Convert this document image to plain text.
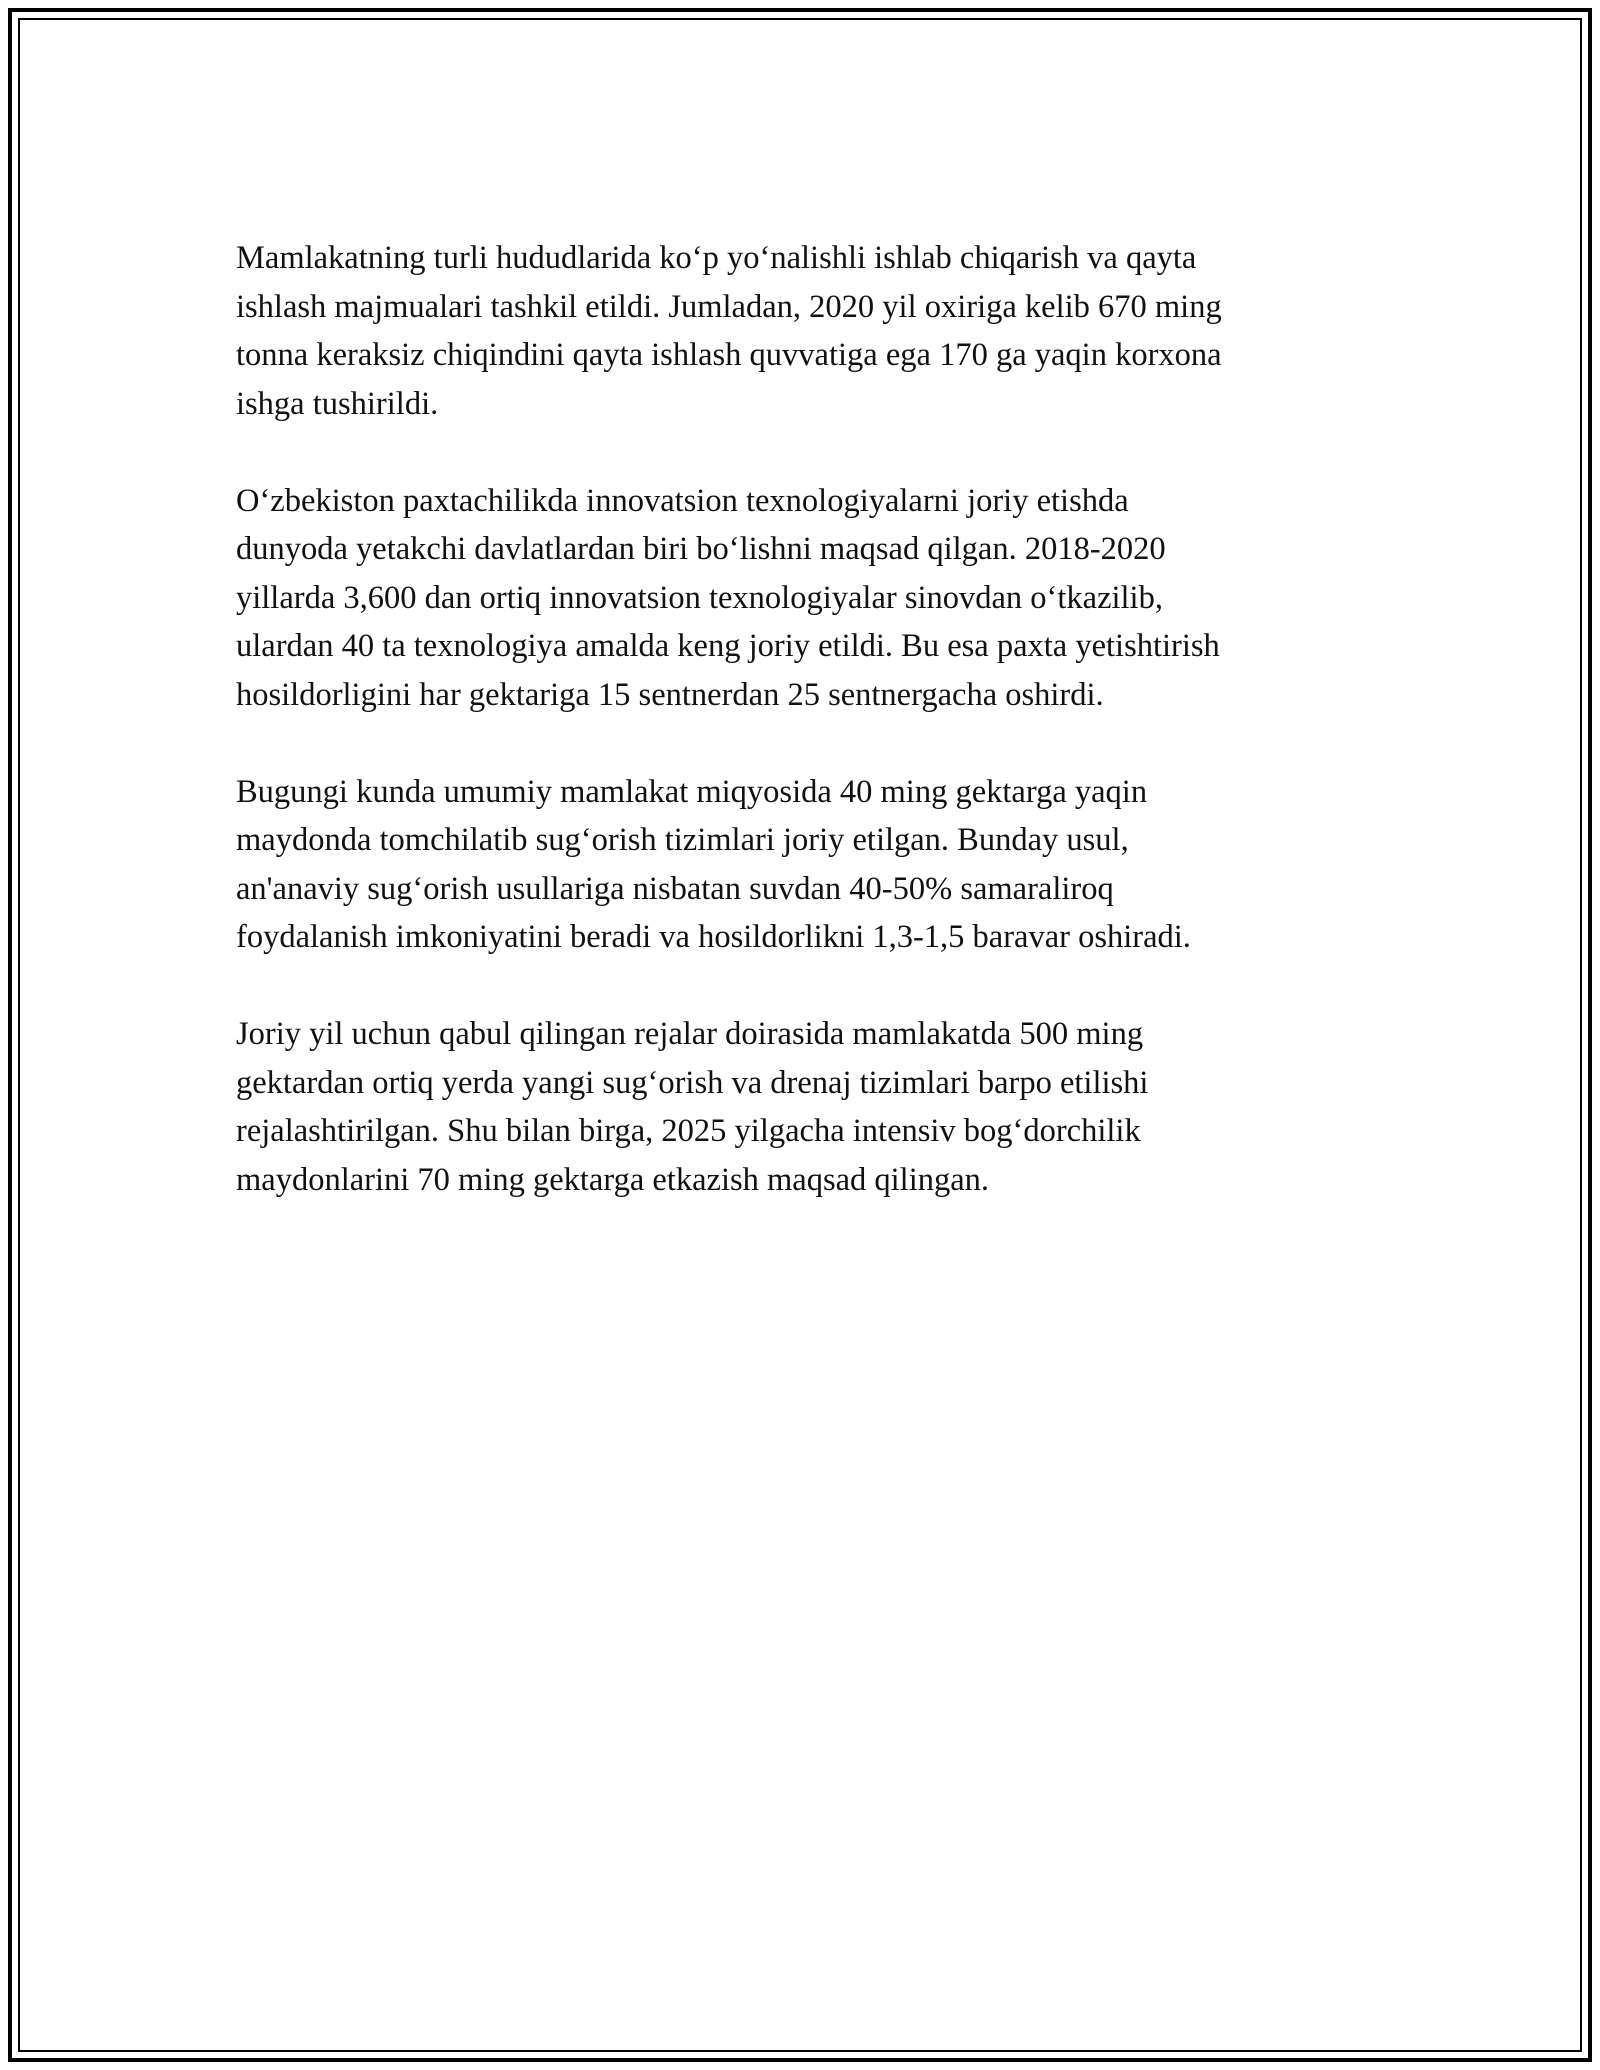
Mamlakatning turli hududlarida koʻp yoʻnalishli ishlab chiqarish va qayta
ishlash majmualari tashkil etildi. Jumladan, 2020 yil oxiriga kelib 670 ming
tonna keraksiz chiqindini qayta ishlash quvvatiga ega 170 ga yaqin korxona
ishga tushirildi.

Oʻzbekiston paxtachilikda innovatsion texnologiyalarni joriy etishda
dunyoda yetakchi davlatlardan biri boʻlishni maqsad qilgan. 2018-2020
yillarda 3,600 dan ortiq innovatsion texnologiyalar sinovdan oʻtkazilib,
ulardan 40 ta texnologiya amalda keng joriy etildi. Bu esa paxta yetishtirish
hosildorligini har gektariga 15 sentnerdan 25 sentnergacha oshirdi.

Bugungi kunda umumiy mamlakat miqyosida 40 ming gektarga yaqin
maydonda tomchilatib sugʻorish tizimlari joriy etilgan. Bunday usul,
an'anaviy sugʻorish usullariga nisbatan suvdan 40-50% samaraliroq
foydalanish imkoniyatini beradi va hosildorlikni 1,3-1,5 baravar oshiradi.

Joriy yil uchun qabul qilingan rejalar doirasida mamlakatda 500 ming
gektardan ortiq yerda yangi sugʻorish va drenaj tizimlari barpo etilishi
rejalashtirilgan. Shu bilan birga, 2025 yilgacha intensiv bogʻdorchilik
maydonlarini 70 ming gektarga etkazish maqsad qilingan.
